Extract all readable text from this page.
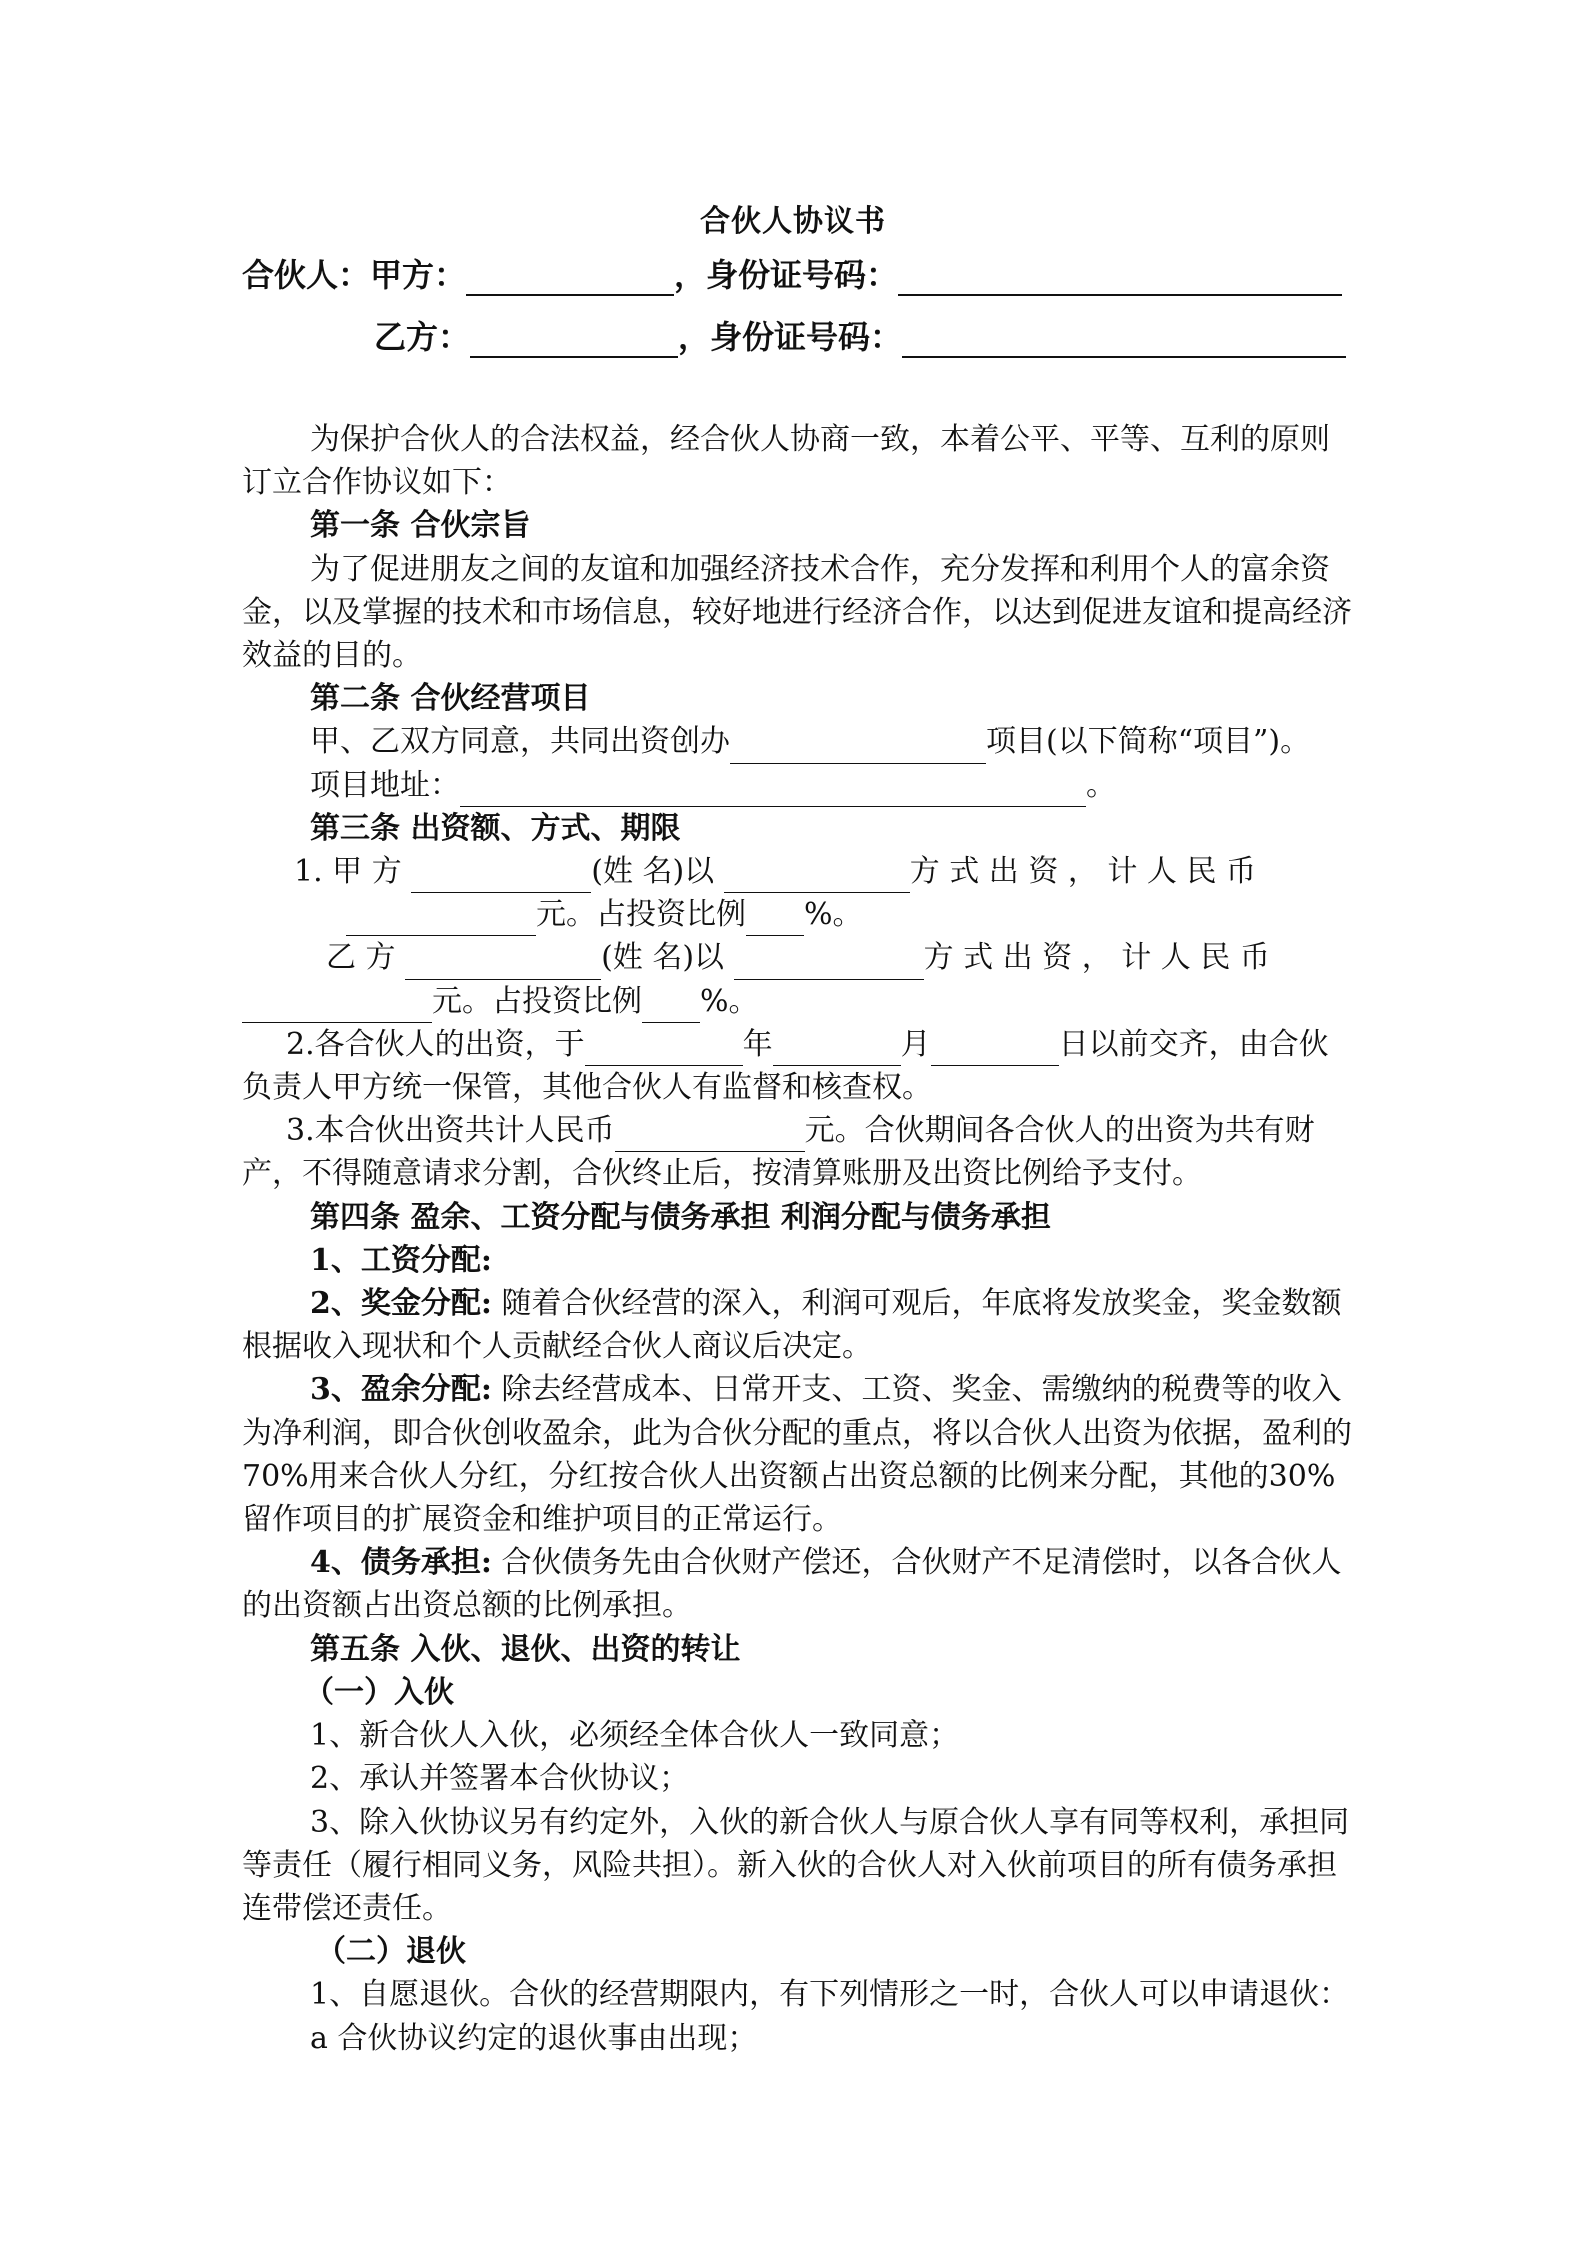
合伙人协议书
合伙人：甲方：	，身份证号码：
乙方：	，身份证号码：

为保护合伙人的合法权益，经合伙人协商一致，本着公平、平等、互利的原则订立合作协议如下：

第一条 合伙宗旨

为了促进朋友之间的友谊和加强经济技术合作，充分发挥和利用个人的富余资金，以及掌握的技术和市场信息，较好地进行经济合作，以达到促进友谊和提高经济效益的目的。

第二条 合伙经营项目

甲、乙双方同意，共同出资创办	项目(以下简称“项目”)。

项目地址：	。

第三条 出资额、方式、期限

1. 甲 方	(姓 名)以	方 式 出 资 ， 计 人 民 币

元。占投资比例 %。

乙 方	(姓 名)以	方 式 出 资 ， 计 人 民 币

元。占投资比例 %。

2.各合伙人的出资，于	年	月	日以前交齐，由合伙负责人甲方统一保管，其他合伙人有监督和核查权。

3.本合伙出资共计人民币	元。合伙期间各合伙人的出资为共有财产，不得随意请求分割，合伙终止后，按清算账册及出资比例给予支付。

第四条 盈余、工资分配与债务承担 利润分配与债务承担

1、工资分配:

2、奖金分配: 随着合伙经营的深入，利润可观后，年底将发放奖金，奖金数额根据收入现状和个人贡献经合伙人商议后决定。

3、盈余分配: 除去经营成本、日常开支、工资、奖金、需缴纳的税费等的收入为净利润，即合伙创收盈余，此为合伙分配的重点，将以合伙人出资为依据，盈利的70%用来合伙人分红，分红按合伙人出资额占出资总额的比例来分配，其他的30%留作项目的扩展资金和维护项目的正常运行。

4、债务承担: 合伙债务先由合伙财产偿还，合伙财产不足清偿时，以各合伙人的出资额占出资总额的比例承担。

第五条 入伙、退伙、出资的转让

（一）入伙

1、新合伙人入伙，必须经全体合伙人一致同意；

2、承认并签署本合伙协议；

3、除入伙协议另有约定外，入伙的新合伙人与原合伙人享有同等权利，承担同等责任（履行相同义务，风险共担）。新入伙的合伙人对入伙前项目的所有债务承担连带偿还责任。

（二）退伙

1、自愿退伙。合伙的经营期限内，有下列情形之一时，合伙人可以申请退伙：

a 合伙协议约定的退伙事由出现；
